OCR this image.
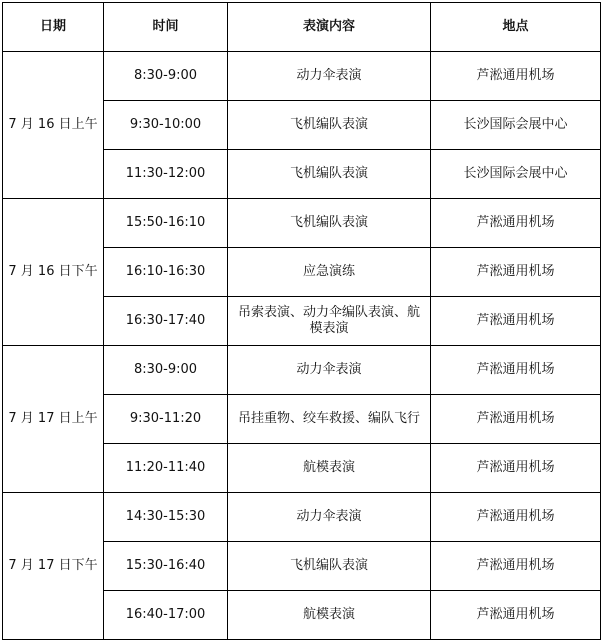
日期	时间	表演内容	地点
7 月 16 日上午	8:30-9:00	动力伞表演	芦淞通用机场
	9:30-10:00	飞机编队表演	长沙国际会展中心
	11:30-12:00	飞机编队表演	长沙国际会展中心
7 月 16 日下午	15:50-16:10	飞机编队表演	芦淞通用机场
	16:10-16:30	应急演练	芦淞通用机场
	16:30-17:40	吊索表演、动力伞编队表演、航模表演	芦淞通用机场
7 月 17 日上午	8:30-9:00	动力伞表演	芦淞通用机场
	9:30-11:20	吊挂重物、绞车救援、编队飞行	芦淞通用机场
	11:20-11:40	航模表演	芦淞通用机场
7 月 17 日下午	14:30-15:30	动力伞表演	芦淞通用机场
	15:30-16:40	飞机编队表演	芦淞通用机场
	16:40-17:00	航模表演	芦淞通用机场
